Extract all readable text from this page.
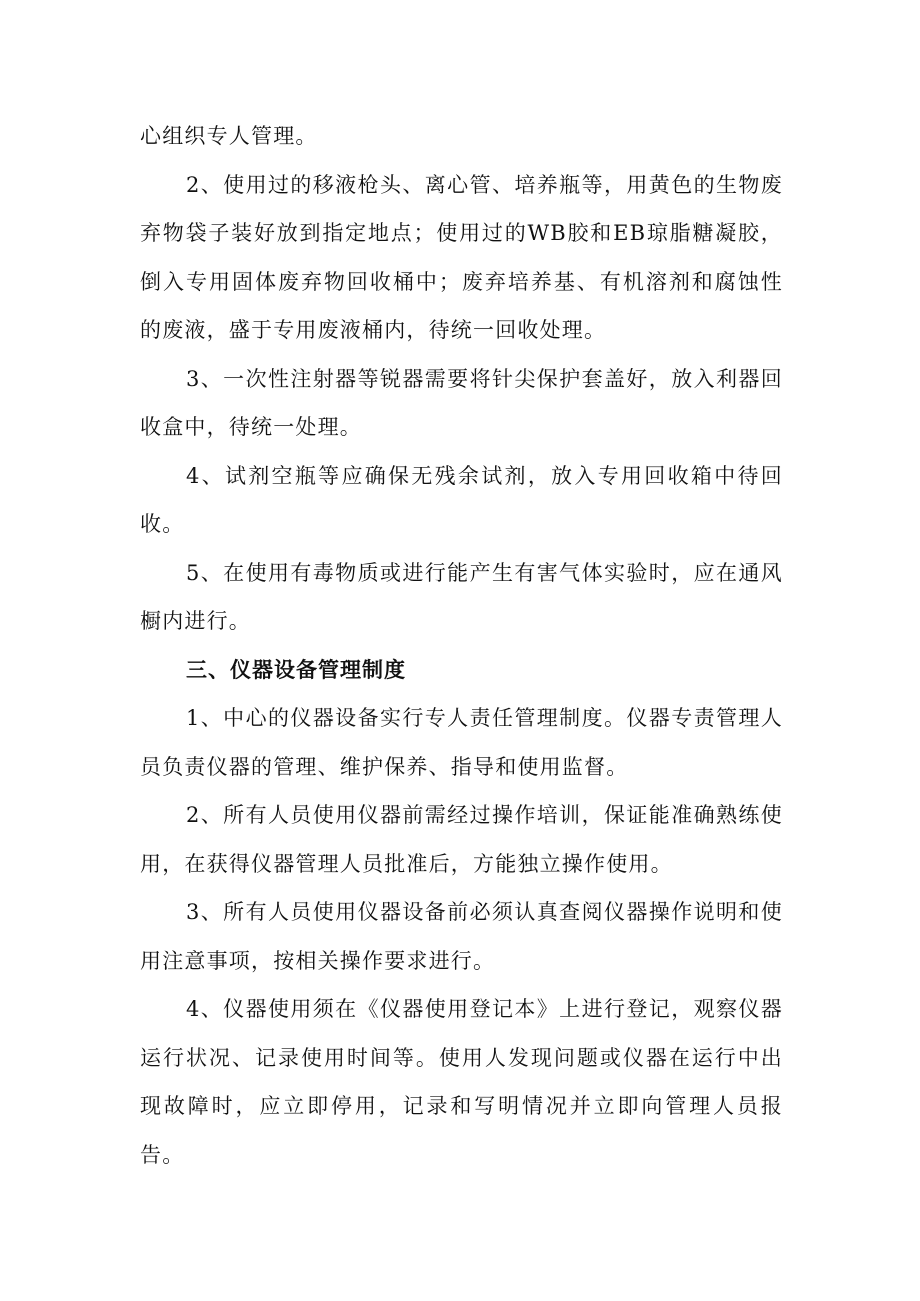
心组织专人管理。

2、使用过的移液枪头、离心管、培养瓶等，用黄色的生物废弃物袋子装好放到指定地点；使用过的WB胶和EB琼脂糖凝胶，倒入专用固体废弃物回收桶中；废弃培养基、有机溶剂和腐蚀性的废液，盛于专用废液桶内，待统一回收处理。

3、一次性注射器等锐器需要将针尖保护套盖好，放入利器回收盒中，待统一处理。

4、试剂空瓶等应确保无残余试剂，放入专用回收箱中待回收。

5、在使用有毒物质或进行能产生有害气体实验时，应在通风橱内进行。

三、仪器设备管理制度

1、中心的仪器设备实行专人责任管理制度。仪器专责管理人员负责仪器的管理、维护保养、指导和使用监督。

2、所有人员使用仪器前需经过操作培训，保证能准确熟练使用，在获得仪器管理人员批准后，方能独立操作使用。

3、所有人员使用仪器设备前必须认真查阅仪器操作说明和使用注意事项，按相关操作要求进行。

4、仪器使用须在《仪器使用登记本》上进行登记，观察仪器运行状况、记录使用时间等。使用人发现问题或仪器在运行中出现故障时，应立即停用，记录和写明情况并立即向管理人员报告。
